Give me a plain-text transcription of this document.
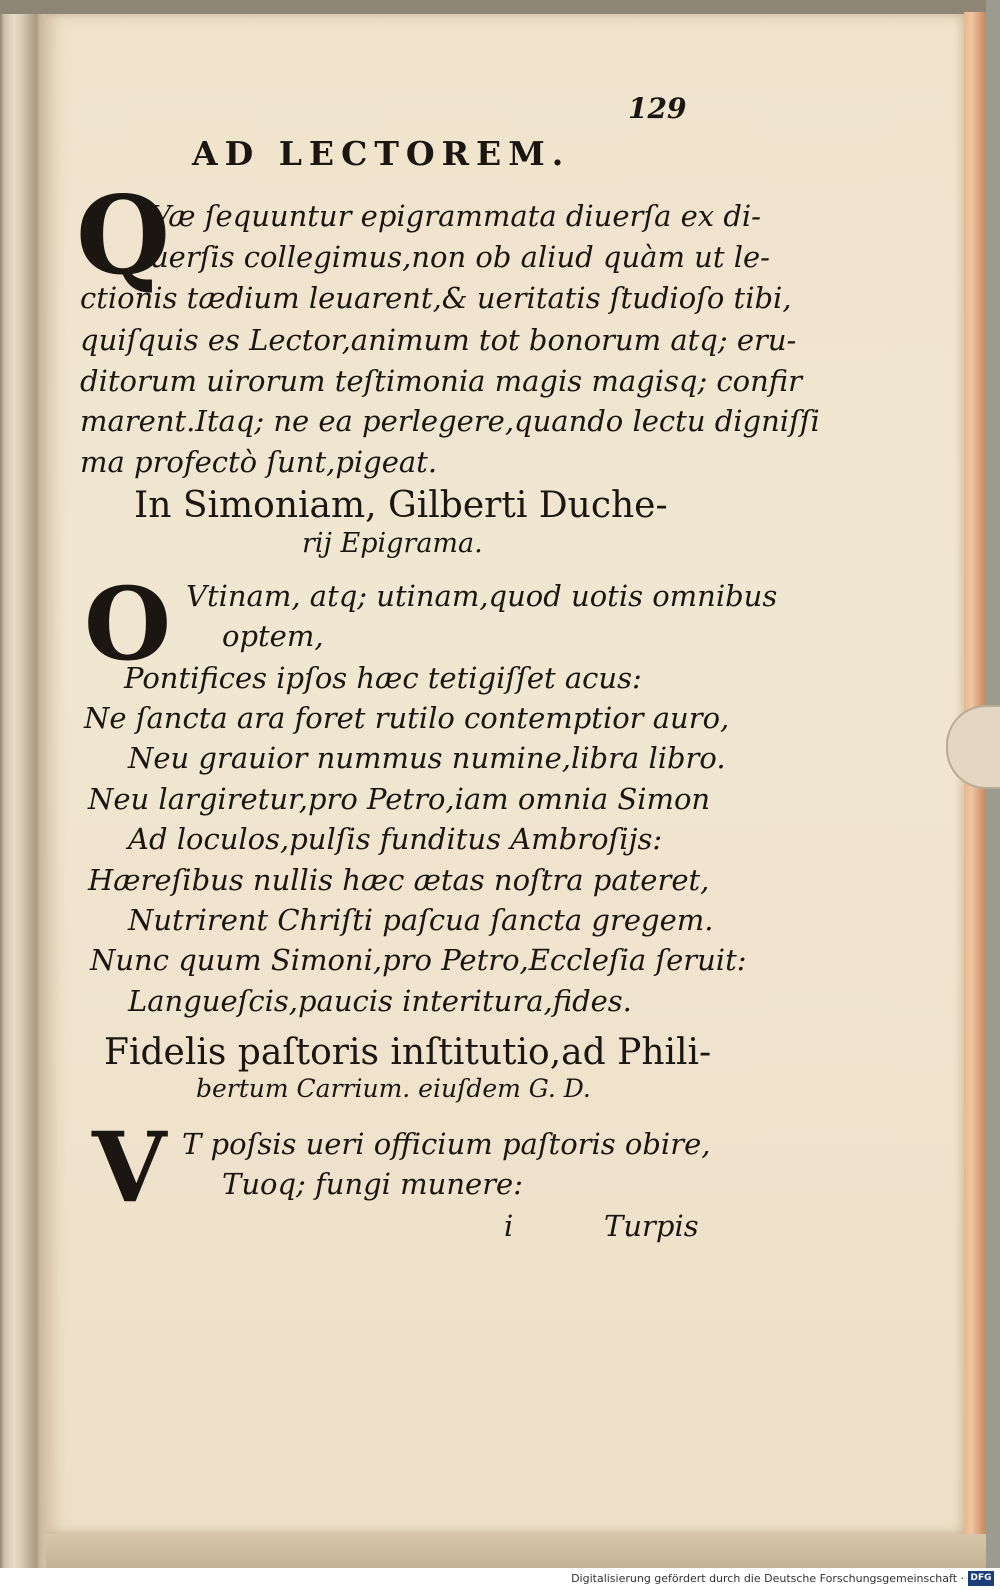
129
AD LECTOREM.
Q
Væ ſequuntur epigrammata diuerſa ex di-
uerſis collegimus,non ob aliud quàm ut le-
ctionis tædium leuarent,& ueritatis ſtudioſo tibi,
quiſquis es Lector,animum tot bonorum atq; eru-
ditorum uirorum teſtimonia magis magisq; confir
marent.Itaq; ne ea perlegere,quando lectu digniſſi
ma profectò ſunt,pigeat.
In Simoniam, Gilberti Duche-
rij Epigrama.
O Vtinam, atq; utinam,quod uotis omnibus
optem,
Pontifices ipſos hæc tetigiſſet acus:
Ne ſancta ara foret rutilo contemptior auro,
Neu grauior nummus numine,libra libro.
Neu largiretur,pro Petro,iam omnia Simon
Ad loculos,pulſis funditus Ambroſijs:
Hæreſibus nullis hæc ætas noſtra pateret,
Nutrirent Chriſti paſcua ſancta gregem.
Nunc quum Simoni,pro Petro,Eccleſia ſeruit:
Langueſcis,paucis interitura,fides.
Fidelis paſtoris inſtitutio,ad Phili-
bertum Carrium. eiuſdem G. D.
V T poſsis ueri officium paſtoris obire,
Tuoq; fungi munere:
i	Turpis
Digitalisierung gefördert durch die Deutsche Forschungsgemeinschaft · DFG
